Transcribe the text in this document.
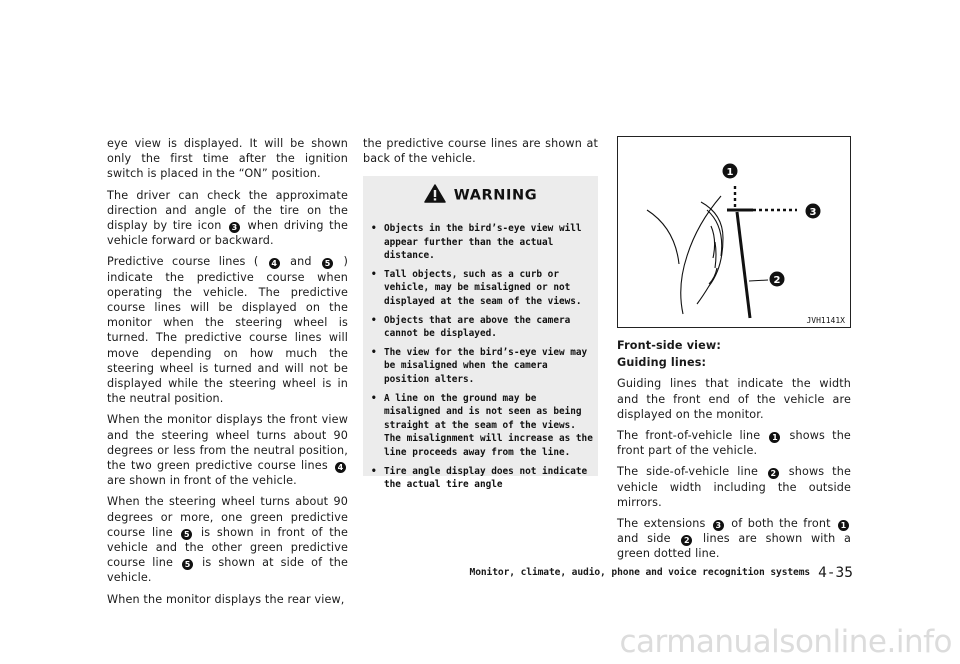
eye view is displayed. It will be shown only the first time after the ignition switch is placed in the “ON” position.

The driver can check the approximate direction and angle of the tire on the display by tire icon 3 when driving the vehicle forward or backward.

Predictive course lines ( 4 and 5 ) indicate the predictive course when operating the vehicle. The predictive course lines will be displayed on the monitor when the steering wheel is turned. The predictive course lines will move depending on how much the steering wheel is turned and will not be displayed while the steering wheel is in the neutral position.

When the monitor displays the front view and the steering wheel turns about 90 degrees or less from the neutral position, the two green predictive course lines 4 are shown in front of the vehicle.

When the steering wheel turns about 90 degrees or more, one green predictive course line 5 is shown in front of the vehicle and the other green predictive course line 5 is shown at side of the vehicle.

When the monitor displays the rear view,

the predictive course lines are shown at back of the vehicle.

WARNING
• Objects in the bird’s-eye view will appear further than the actual distance.
• Tall objects, such as a curb or vehicle, may be misaligned or not displayed at the seam of the views.
• Objects that are above the camera cannot be displayed.
• The view for the bird’s-eye view may be misaligned when the camera position alters.
• A line on the ground may be misaligned and is not seen as being straight at the seam of the views. The misalignment will increase as the line proceeds away from the line.
• Tire angle display does not indicate the actual tire angle
1
3
2
JVH1141X

Front-side view:

Guiding lines:

Guiding lines that indicate the width and the front end of the vehicle are displayed on the monitor.

The front-of-vehicle line 1 shows the front part of the vehicle.

The side-of-vehicle line 2 shows the vehicle width including the outside mirrors.

The extensions 3 of both the front 1 and side 2 lines are shown with a green dotted line.

Monitor, climate, audio, phone and voice recognition systems 4-35
carmanualsonline.info
